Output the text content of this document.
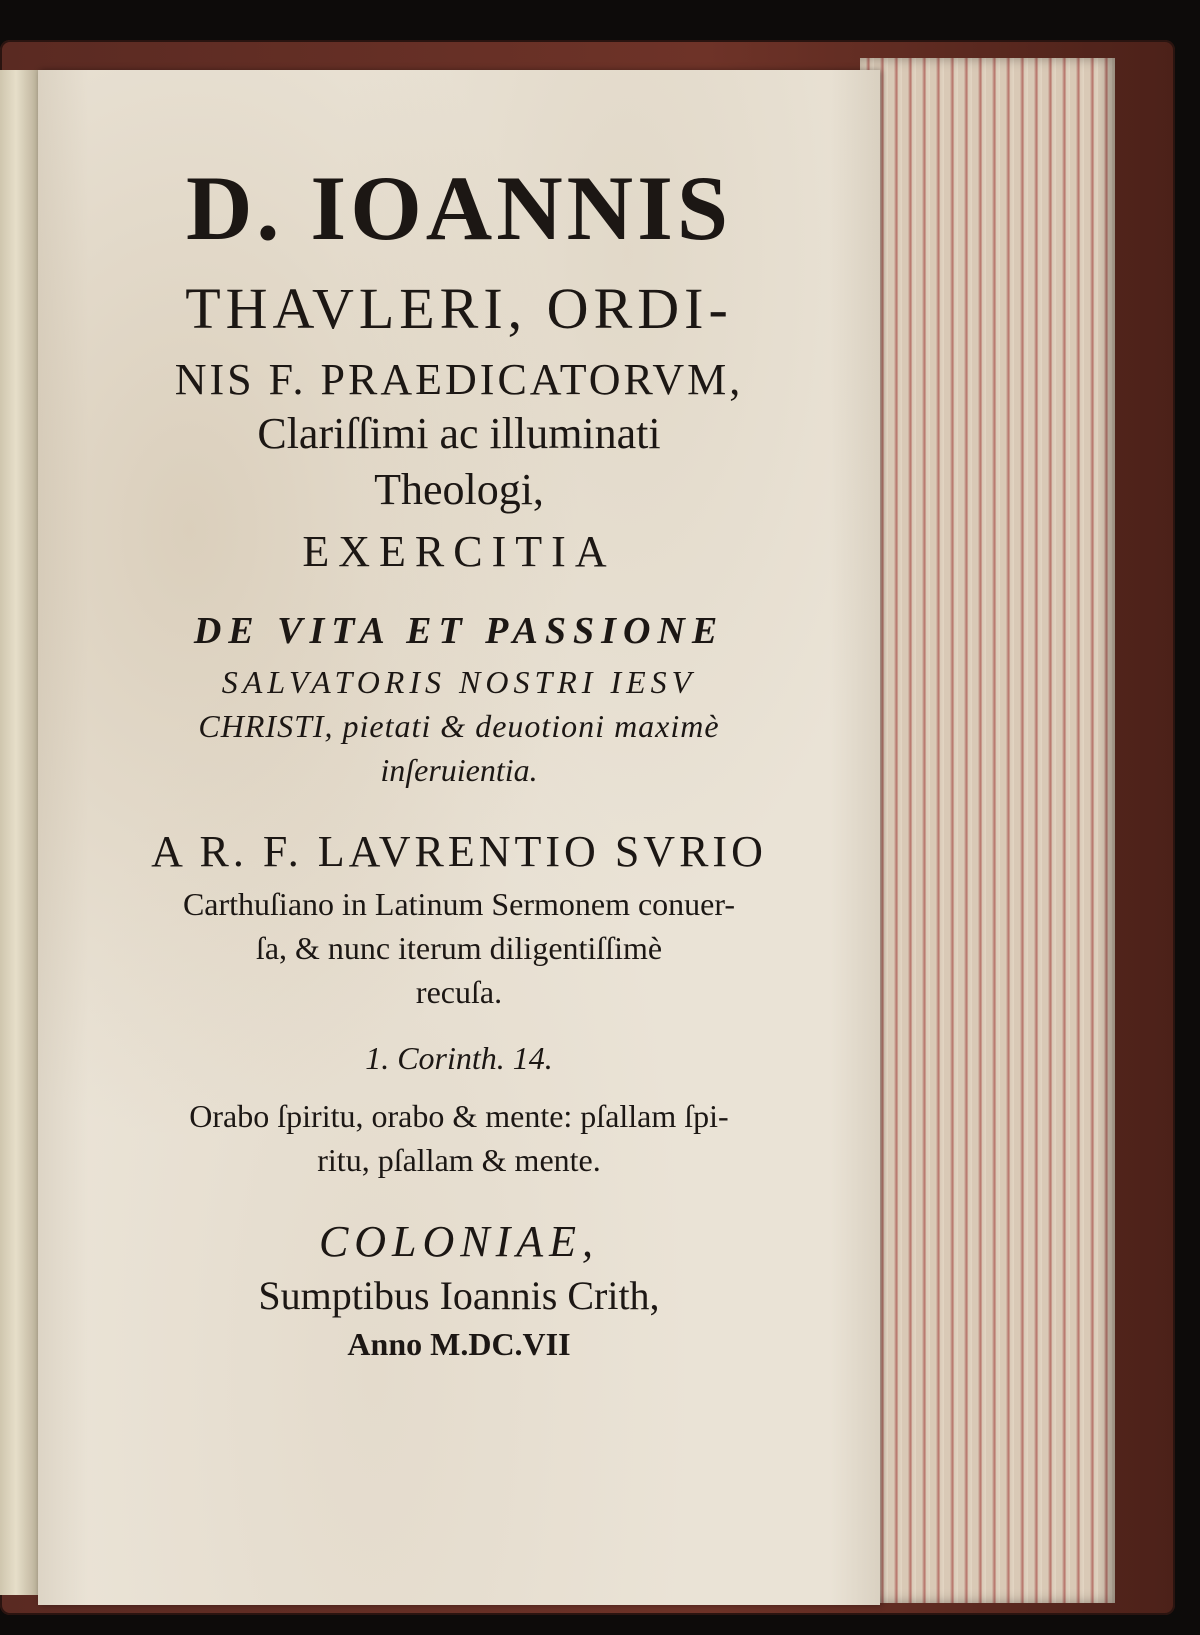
D. IOANNIS
THAVLERI, ORDI-
NIS F. PRAEDICATORVM,
Clariſſimi ac illuminati
Theologi,
EXERCITIA
DE VITA ET PASSIONE
SALVATORIS NOSTRI IESV
CHRISTI, pietati & deuotioni maximè
inſeruientia.
A R. F. LAVRENTIO SVRIO
Carthuſiano in Latinum Sermonem conuer-
ſa, & nunc iterum diligentiſſimè
recuſa.
1. Corinth. 14.
Orabo ſpiritu, orabo & mente: pſallam ſpi-
ritu, pſallam & mente.
COLONIAE,
Sumptibus Ioannis Crith,
Anno M.DC.VII
